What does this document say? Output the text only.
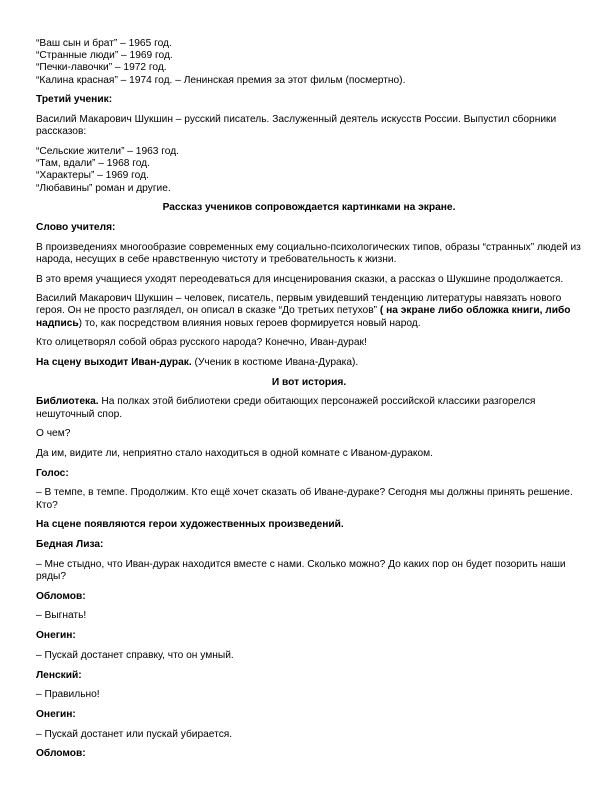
“Ваш сын и брат” – 1965 год.
“Странные люди” – 1969 год.
“Печки-лавочки” – 1972 год.
“Калина красная” – 1974 год. – Ленинская премия за этот фильм (посмертно).
Третий ученик:
Василий Макарович Шукшин – русский писатель. Заслуженный деятель искусств России. Выпустил сборники рассказов:
“Сельские жители” – 1963 год.
“Там, вдали” – 1968 год.
“Характеры” – 1969 год.
“Любавины” роман и другие.
Рассказ учеников сопровождается картинками на экране.
Слово учителя:
В произведениях многообразие современных ему социально-психологических типов, образы “странных” людей из народа, несущих в себе нравственную чистоту и требовательность к жизни.
В это время учащиеся уходят переодеваться для инсценирования сказки, а рассказ о Шукшине продолжается.
Василий Макарович Шукшин – человек, писатель, первым увидевший тенденцию литературы навязать нового героя. Он не просто разглядел, он описал в сказке “До третьих петухов” ( на экране либо обложка книги, либо надпись) то, как посредством влияния новых героев формируется новый народ.
Кто олицетворял собой образ русского народа? Конечно, Иван-дурак!
На сцену выходит Иван-дурак. (Ученик в костюме Ивана-Дурака).
И вот история.
Библиотека. На полках этой библиотеки среди обитающих персонажей российской классики разгорелся нешуточный спор.
О чем?
Да им, видите ли, неприятно стало находиться в одной комнате с Иваном-дураком.
Голос:
– В темпе, в темпе. Продолжим. Кто ещё хочет сказать об Иване-дураке? Сегодня мы должны принять решение. Кто?
На сцене появляются герои художественных произведений.
Бедная Лиза:
– Мне стыдно, что Иван-дурак находится вместе с нами. Сколько можно? До каких пор он будет позорить наши ряды?
Обломов:
– Выгнать!
Онегин:
– Пускай достанет справку, что он умный.
Ленский:
– Правильно!
Онегин:
– Пускай достанет или пускай убирается.
Обломов:
